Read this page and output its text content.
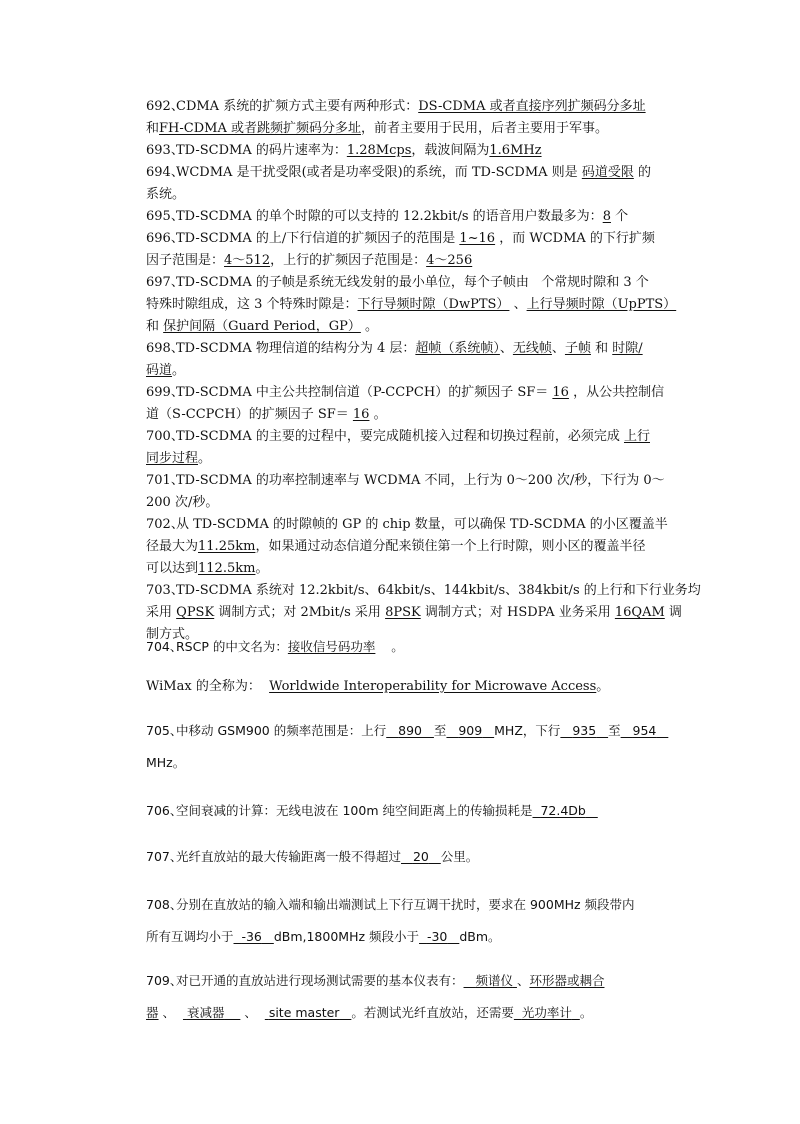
692、
CDMA 系统的扩频方式主要有两种形式：DS-CDMA 或者直接序列扩频码分多址
和FH-CDMA 或者跳频扩频码分多址，前者主要用于民用，后者主要用于军事。
693、
TD-SCDMA 的码片速率为：1.28Mcps，载波间隔为1.6MHz
694、
WCDMA 是干扰受限(或者是功率受限)的系统，而 TD-SCDMA 则是 码道受限 的
系统。
695、
TD-SCDMA 的单个时隙的可以支持的 12.2kbit/s 的语音用户数最多为：8 个
696、
TD-SCDMA 的上/下行信道的扩频因子的范围是 1~16 ，而 WCDMA 的下行扩频
因子范围是：4～512，上行的扩频因子范围是：4～256
697、
TD-SCDMA 的子帧是系统无线发射的最小单位，每个子帧由 个常规时隙和 3 个
特殊时隙组成，这 3 个特殊时隙是：下行导频时隙（DwPTS） 、上行导频时隙（UpPTS）
和 保护间隔（Guard Period，GP） 。
698、
TD-SCDMA 物理信道的结构分为 4 层：超帧（系统帧）、无线帧、子帧 和 时隙/
码道。
699、
TD-SCDMA 中主公共控制信道（P-CCPCH）的扩频因子 SF＝ 16 ，从公共控制信
道（S-CCPCH）的扩频因子 SF＝ 16 。
700、
TD-SCDMA 的主要的过程中，要完成随机接入过程和切换过程前，必须完成 上行
同步过程。
701、
TD-SCDMA 的功率控制速率与 WCDMA 不同，上行为 0～200 次/秒，下行为 0～
200 次/秒。
702、
从 TD-SCDMA 的时隙帧的 GP 的 chip 数量，可以确保 TD-SCDMA 的小区覆盖半
径最大为11.25km，如果通过动态信道分配来锁住第一个上行时隙，则小区的覆盖半径
可以达到112.5km。
703、
TD-SCDMA 系统对 12.2kbit/s、64kbit/s、144kbit/s、384kbit/s 的上行和下行业务均
采用 QPSK 调制方式；对 2Mbit/s 采用 8PSK 调制方式；对 HSDPA 业务采用 16QAM 调
制方式。
704、
RSCP 的中文名为：接收信号码功率 。
WiMax 的全称为： Worldwide Interoperability for Microwave Access。
705、
中移动 GSM900 的频率范围是：上行 890 至 909 MHZ，下行 935 至 954
MHz。
706、
空间衰减的计算：无线电波在 100m 纯空间距离上的传输损耗是 72.4Db
707、
光纤直放站的最大传输距离一般不得超过 20 公里。
708、
分别在直放站的输入端和输出端测试上下行互调干扰时，要求在 900MHz 频段带内
所有互调均小于 -36 dBm,1800MHz 频段小于 -30 dBm。
709、
对已开通的直放站进行现场测试需要的基本仪表有： 频谱仪 、环形器或耦合
器 、 衰减器 、 site master 。若测试光纤直放站，还需要 光功率计 。
